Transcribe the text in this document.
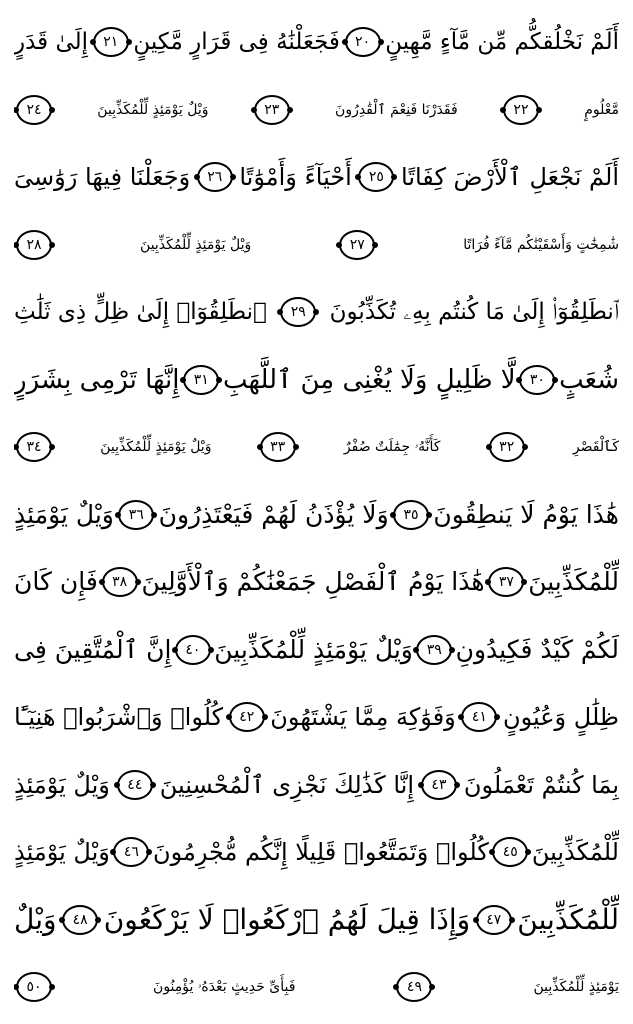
أَلَمْ نَخْلُقكُّم مِّن مَّآءٍ مَّهِينٍ
٢٠
فَجَعَلْنَٰهُ فِى قَرَارٍ مَّكِينٍ
٢١
إِلَىٰ قَدَرٍ
مَّعْلُومٍ
٢٢
فَقَدَرْنَا فَنِعْمَ ٱلْقَٰدِرُونَ
٢٣
وَيْلٌ يَوْمَئِذٍ لِّلْمُكَذِّبِينَ
٢٤
أَلَمْ نَجْعَلِ ٱلْأَرْضَ كِفَاتًا
٢٥
أَحْيَآءً وَأَمْوَٰتًا
٢٦
وَجَعَلْنَا فِيهَا رَوَٰسِىَ
شَٰمِخَٰتٍ وَأَسْقَيْنَٰكُم مَّآءً فُرَاتًا
٢٧
وَيْلٌ يَوْمَئِذٍ لِّلْمُكَذِّبِينَ
٢٨
ٱنطَلِقُوٓا۟ إِلَىٰ مَا كُنتُم بِهِۦ تُكَذِّبُونَ
٢٩
ٱنطَلِقُوٓا۟ إِلَىٰ ظِلٍّ ذِى ثَلَٰثِ
شُعَبٍ
٣٠
لَّا ظَلِيلٍ وَلَا يُغْنِى مِنَ ٱللَّهَبِ
٣١
إِنَّهَا تَرْمِى بِشَرَرٍ
كَٱلْقَصْرِ
٣٢
كَأَنَّهُۥ جِمَٰلَتٌ صُفْرٌ
٣٣
وَيْلٌ يَوْمَئِذٍ لِّلْمُكَذِّبِينَ
٣٤
هَٰذَا يَوْمُ لَا يَنطِقُونَ
٣٥
وَلَا يُؤْذَنُ لَهُمْ فَيَعْتَذِرُونَ
٣٦
وَيْلٌ يَوْمَئِذٍ
لِّلْمُكَذِّبِينَ
٣٧
هَٰذَا يَوْمُ ٱلْفَصْلِ جَمَعْنَٰكُمْ وَٱلْأَوَّلِينَ
٣٨
فَإِن كَانَ
لَكُمْ كَيْدٌ فَكِيدُونِ
٣٩
وَيْلٌ يَوْمَئِذٍ لِّلْمُكَذِّبِينَ
٤٠
إِنَّ ٱلْمُتَّقِينَ فِى
ظِلَٰلٍ وَعُيُونٍ
٤١
وَفَوَٰكِهَ مِمَّا يَشْتَهُونَ
٤٢
كُلُوا۟ وَٱشْرَبُوا۟ هَنِيٓـًٔا
بِمَا كُنتُمْ تَعْمَلُونَ
٤٣
إِنَّا كَذَٰلِكَ نَجْزِى ٱلْمُحْسِنِينَ
٤٤
وَيْلٌ يَوْمَئِذٍ
لِّلْمُكَذِّبِينَ
٤٥
كُلُوا۟ وَتَمَتَّعُوا۟ قَلِيلًا إِنَّكُم مُّجْرِمُونَ
٤٦
وَيْلٌ يَوْمَئِذٍ
لِّلْمُكَذِّبِينَ
٤٧
وَإِذَا قِيلَ لَهُمُ ٱرْكَعُوا۟ لَا يَرْكَعُونَ
٤٨
وَيْلٌ
يَوْمَئِذٍ لِّلْمُكَذِّبِينَ
٤٩
فَبِأَىِّ حَدِيثٍ بَعْدَهُۥ يُؤْمِنُونَ
٥٠
